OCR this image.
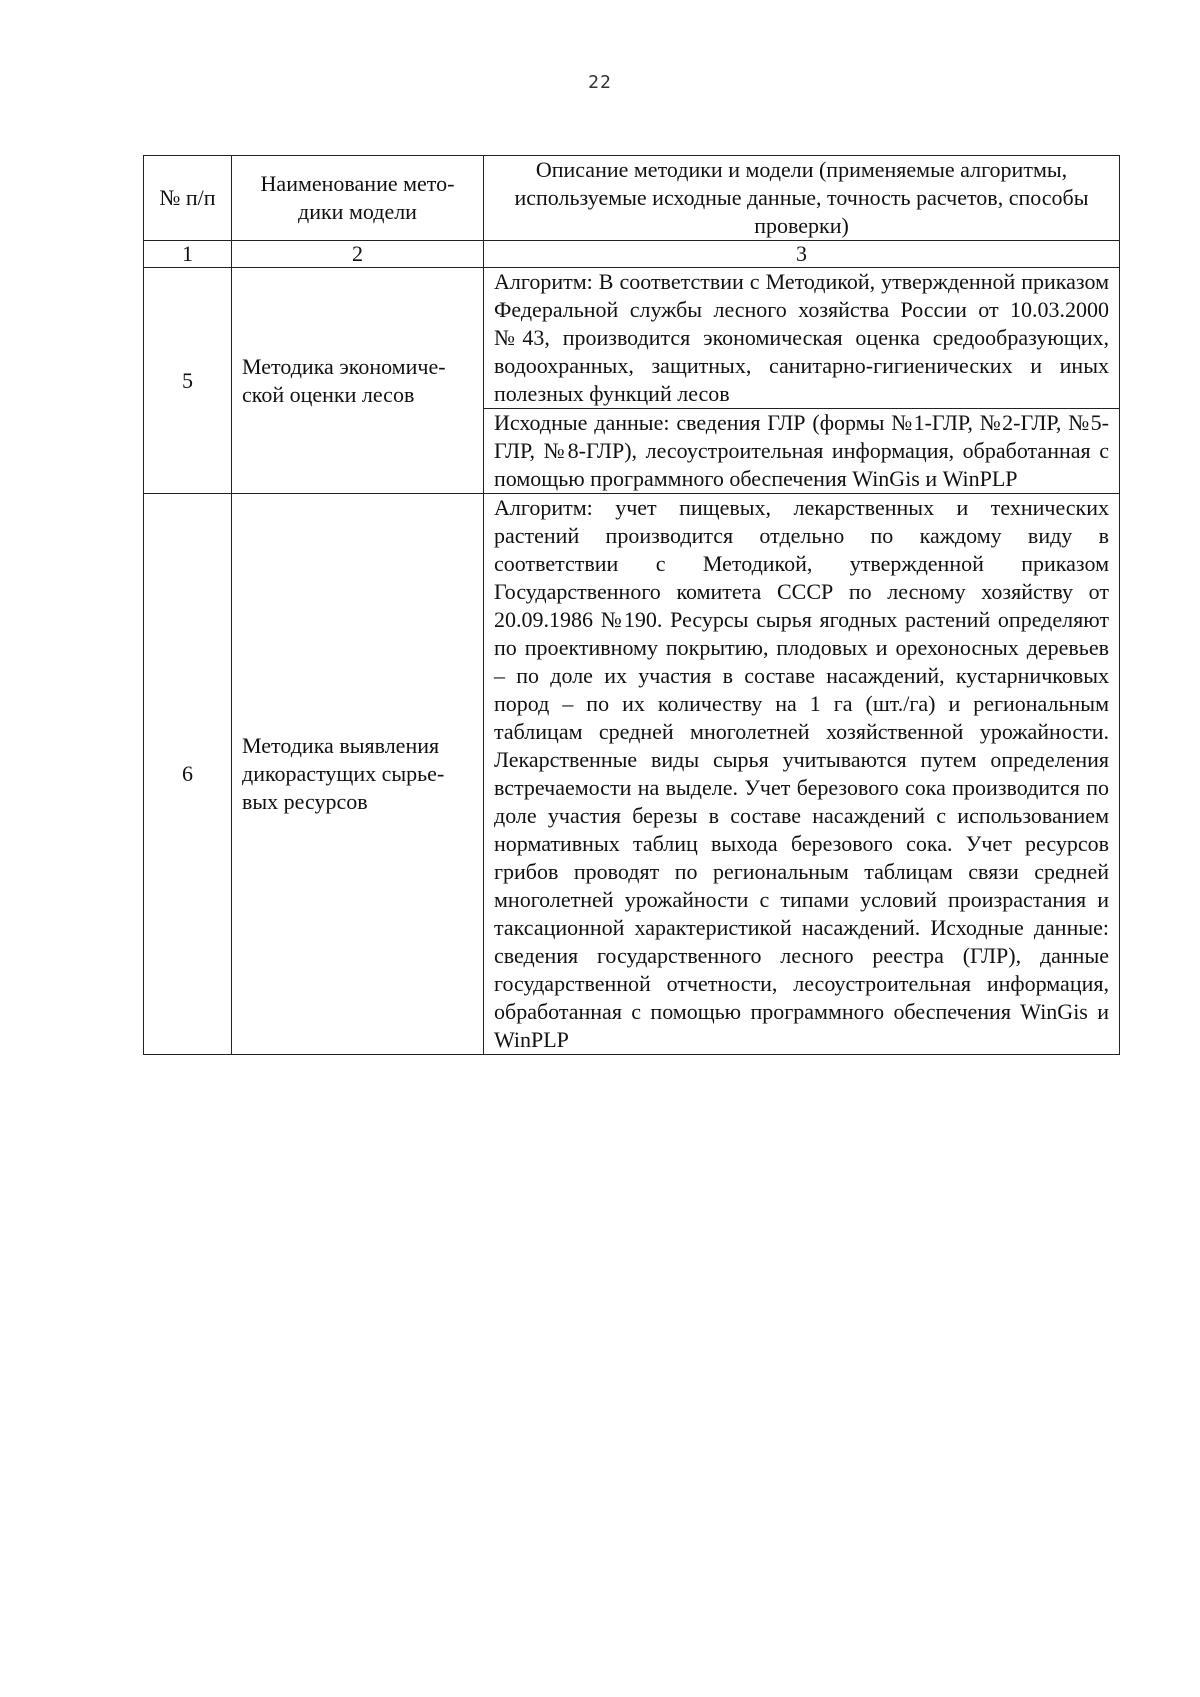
22
№ п/п	Наименование мето-дики модели	Описание методики и модели (применяемые алгоритмы, используемые исходные данные, точность расчетов, способы проверки)
1	2	3
5	Методика экономиче-ской оценки лесов	Алгоритм: В соответствии с Методикой, утвержденной приказом Федеральной службы лесного хозяйства России от 10.03.2000 №43, производится экономическая оценка средообразующих, водоохранных, защитных, санитарно-гигиенических и иных полезных функций лесов
		Исходные данные: сведения ГЛР (формы №1-ГЛР, №2-ГЛР, №5-ГЛР, №8-ГЛР), лесоустроительная информация, обработанная с помощью программного обеспечения WinGis и WinPLP
6	Методика выявления дикорастущих сырье-вых ресурсов	Алгоритм: учет пищевых, лекарственных и технических растений производится отдельно по каждому виду в соответствии с Методикой, утвержденной приказом Государственного комитета СССР по лесному хозяйству от 20.09.1986 №190. Ресурсы сырья ягодных растений определяют по проективному покрытию, плодовых и орехоносных деревьев – по доле их участия в составе насаждений, кустарничковых пород – по их количеству на 1 га (шт./га) и региональным таблицам средней многолетней хозяйственной урожайности. Лекарственные виды сырья учитываются путем определения встречаемости на выделе. Учет березового сока производится по доле участия березы в составе насаждений с использованием нормативных таблиц выхода березового сока. Учет ресурсов грибов проводят по региональным таблицам связи средней многолетней урожайности с типами условий произрастания и таксационной характеристикой насаждений. Исходные данные: сведения государственного лесного реестра (ГЛР), данные государственной отчетности, лесоустроительная информация, обработанная с помощью программного обеспечения WinGis и WinPLP
